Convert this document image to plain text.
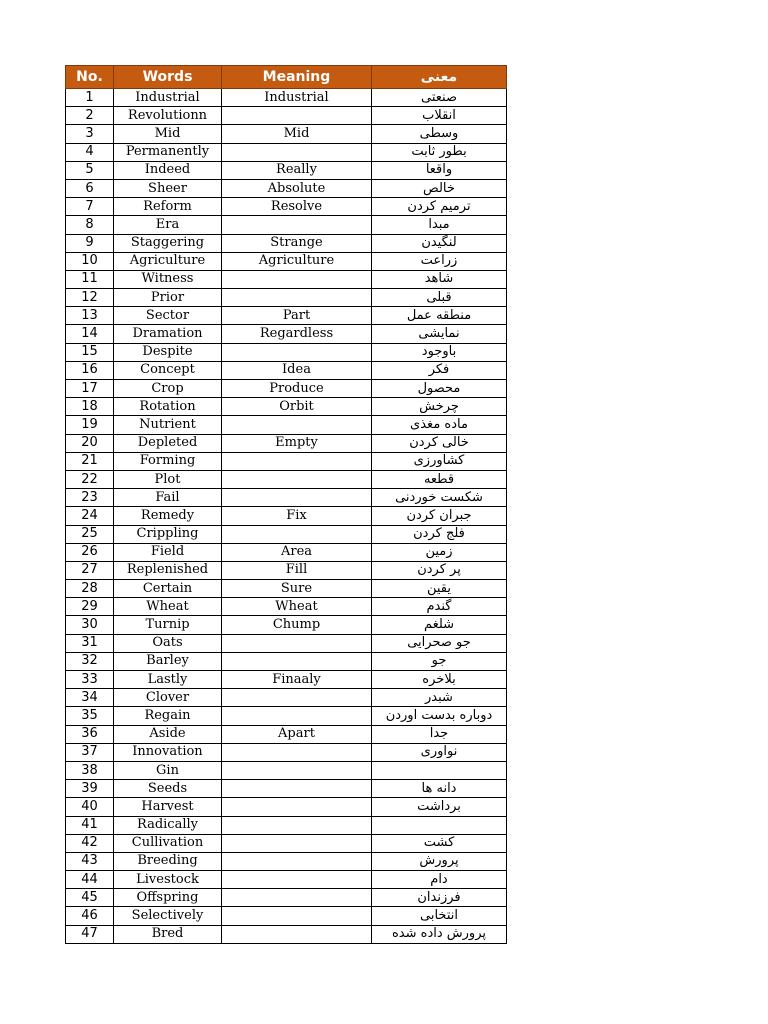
No.	Words	Meaning	معنی
1	Industrial	Industrial	صنعتی
2	Revolutionn		انقلاب
3	Mid	Mid	وسطی
4	Permanently		بطور ثابت
5	Indeed	Really	واقعا
6	Sheer	Absolute	خالص
7	Reform	Resolve	ترمیم کردن
8	Era		مبدا
9	Staggering	Strange	لنگیدن
10	Agriculture	Agriculture	زراعت
11	Witness		شاهد
12	Prior		قبلی
13	Sector	Part	منطقه عمل
14	Dramation	Regardless	نمایشی
15	Despite		باوجود
16	Concept	Idea	فکر
17	Crop	Produce	محصول
18	Rotation	Orbit	چرخش
19	Nutrient		ماده مغذی
20	Depleted	Empty	خالی کردن
21	Forming		کشاورزی
22	Plot		قطعه
23	Fail		شکست خوردنی
24	Remedy	Fix	جبران کردن
25	Crippling		فلج کردن
26	Field	Area	زمین
27	Replenished	Fill	پر کردن
28	Certain	Sure	یقین
29	Wheat	Wheat	گندم
30	Turnip	Chump	شلغم
31	Oats		جو صحرایی
32	Barley		جو
33	Lastly	Finaaly	بلاخره
34	Clover		شبدر
35	Regain		دوباره بدست اوردن
36	Aside	Apart	جدا
37	Innovation		نواوری
38	Gin		
39	Seeds		دانه ها
40	Harvest		برداشت
41	Radically		
42	Cullivation		کشت
43	Breeding		پرورش
44	Livestock		دام
45	Offspring		فرزندان
46	Selectively		انتخابی
47	Bred		پرورش داده شده
